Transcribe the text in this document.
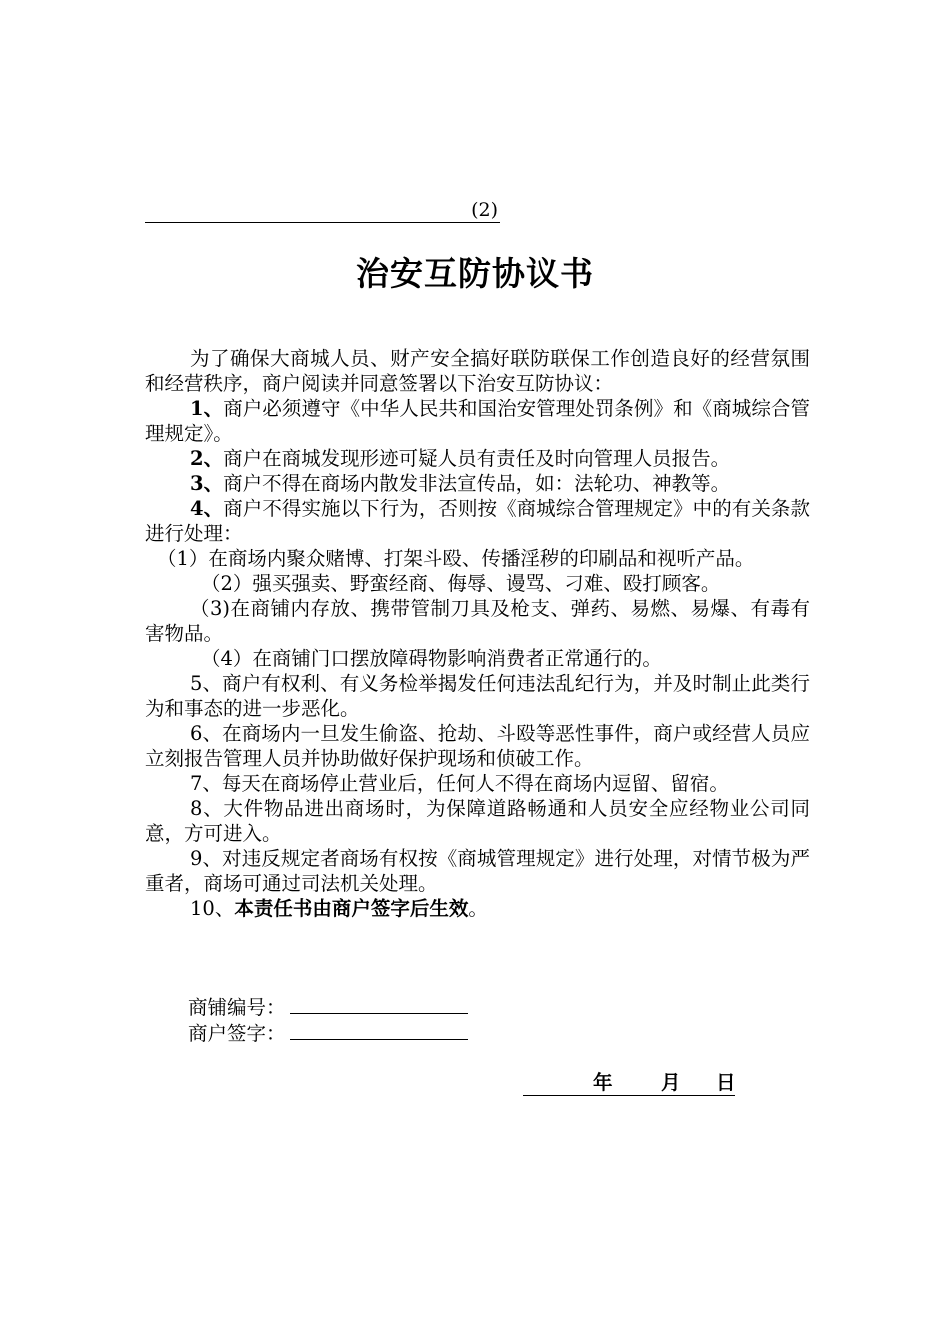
(2)
治安互防协议书

为了确保大商城人员、财产安全搞好联防联保工作创造良好的经营氛围和经营秩序，商户阅读并同意签署以下治安互防协议：

1、商户必须遵守《中华人民共和国治安管理处罚条例》和《商城综合管理规定》。

2、商户在商城发现形迹可疑人员有责任及时向管理人员报告。

3、商户不得在商场内散发非法宣传品，如：法轮功、神教等。

4、商户不得实施以下行为，否则按《商城综合管理规定》中的有关条款进行处理：

（1）在商场内聚众赌博、打架斗殴、传播淫秽的印刷品和视听产品。

（2）强买强卖、野蛮经商、侮辱、谩骂、刁难、殴打顾客。

（3)在商铺内存放、携带管制刀具及枪支、弹药、易燃、易爆、有毒有害物品。

（4）在商铺门口摆放障碍物影响消费者正常通行的。

5、商户有权利、有义务检举揭发任何违法乱纪行为，并及时制止此类行为和事态的进一步恶化。

6、在商场内一旦发生偷盗、抢劫、斗殴等恶性事件，商户或经营人员应立刻报告管理人员并协助做好保护现场和侦破工作。

7、每天在商场停止营业后，任何人不得在商场内逗留、留宿。

8、大件物品进出商场时，为保障道路畅通和人员安全应经物业公司同意，方可进入。

9、对违反规定者商场有权按《商城管理规定》进行处理，对情节极为严重者，商场可通过司法机关处理。

10、本责任书由商户签字后生效。

商铺编号：
商户签字：
年 月 日
